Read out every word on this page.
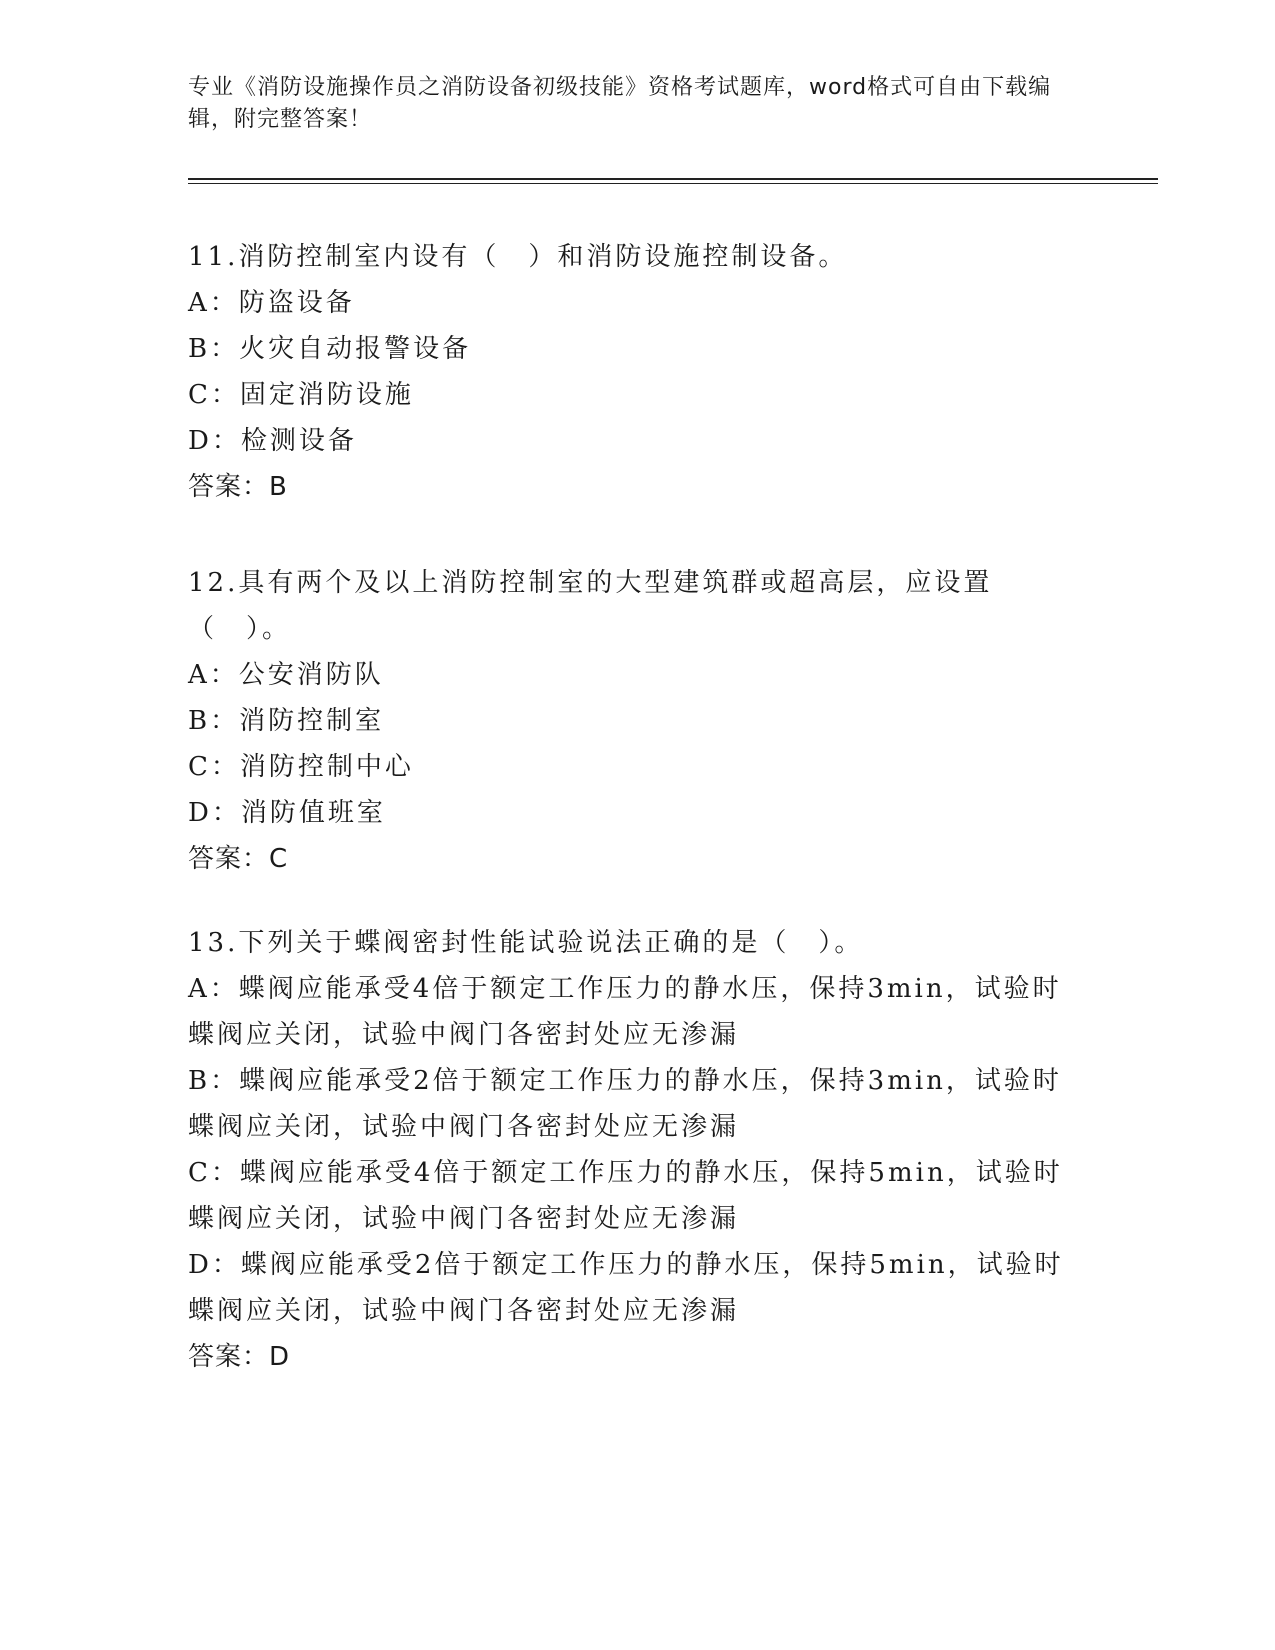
专业《消防设施操作员之消防设备初级技能》资格考试题库，word格式可自由下载编辑，附完整答案！
11.消防控制室内设有（　）和消防设施控制设备。
A：防盗设备
B：火灾自动报警设备
C：固定消防设施
D：检测设备
答案：B
12.具有两个及以上消防控制室的大型建筑群或超高层，应设置（　）。
A：公安消防队
B：消防控制室
C：消防控制中心
D：消防值班室
答案：C
13.下列关于蝶阀密封性能试验说法正确的是（　）。
A：蝶阀应能承受4倍于额定工作压力的静水压，保持3min，试验时蝶阀应关闭，试验中阀门各密封处应无渗漏
B：蝶阀应能承受2倍于额定工作压力的静水压，保持3min，试验时蝶阀应关闭，试验中阀门各密封处应无渗漏
C：蝶阀应能承受4倍于额定工作压力的静水压，保持5min，试验时蝶阀应关闭，试验中阀门各密封处应无渗漏
D：蝶阀应能承受2倍于额定工作压力的静水压，保持5min，试验时蝶阀应关闭，试验中阀门各密封处应无渗漏
答案：D
